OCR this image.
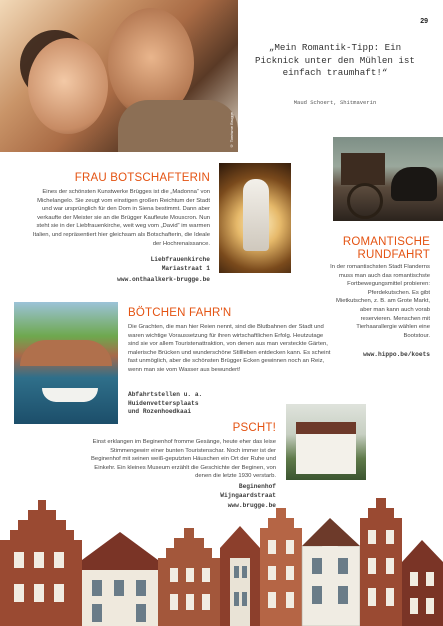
© Toerisme Brugge
29
„Mein Romantik-Tipp: Ein Picknick unter den Mühlen ist einfach traumhaft!“
Maud Schoert, Shitmaverin
FRAU BOTSCHAFTERIN
Eines der schönsten Kunstwerke Brügges ist die „Madonna“ von Michelangelo. Sie zeugt vom einstigen großen Reichtum der Stadt und war ursprünglich für den Dom in Siena bestimmt. Dann aber verkaufte der Meister sie an die Brügger Kaufleute Mouscron. Nun steht sie in der Liebfrauenkirche, weit weg vom „David“ im warmen Italien, und repräsentiert hier gleichsam als Botschafterin, die Ideale der Hochrenaissance.
Liebfrauenkirche
Mariastraat 1
www.onthaalkerk-brugge.be
ROMANTISCHE RUNDFAHRT
In der romantischsten Stadt Flanderns muss man auch das romantischste Fortbewegungsmittel probieren: Pferdekutschen. Es gibt Mietkutschen, z. B. am Grote Markt, aber man kann auch vorab reservieren. Menschen mit Tierhaarallergie wählen eine Bootstour.
www.hippo.be/koets
BÖTCHEN FAHR'N
Die Grachten, die man hier Reien nennt, sind die Blutbahnen der Stadt und waren wichtige Voraussetzung für ihren wirtschaftlichen Erfolg. Heutzutage sind sie vor allem Touristenattraktion, von denen aus man versteckte Gärten, malerische Brücken und wunderschöne Stillleben entdecken kann. Es scheint fast unmöglich, aber die schönsten Brügger Ecken gewinnen noch an Reiz, wenn man sie vom Wasser aus bewundert!
Abfahrtstellen u. a.
Huidenvettersplaats
und Rozenhoedkaai
PSCHT!
Einst erklangen im Beginenhof fromme Gesänge, heute eher das leise Stimmengewirr einer bunten Touristenschar. Noch immer ist der Beginenhof mit seinen weiß-geputzten Häuschen ein Ort der Ruhe und Einkehr. Ein kleines Museum erzählt die Geschichte der Beginen, von denen die letzte 1930 verstarb.
Beginenhof
Wijngaardstraat
www.brugge.be
